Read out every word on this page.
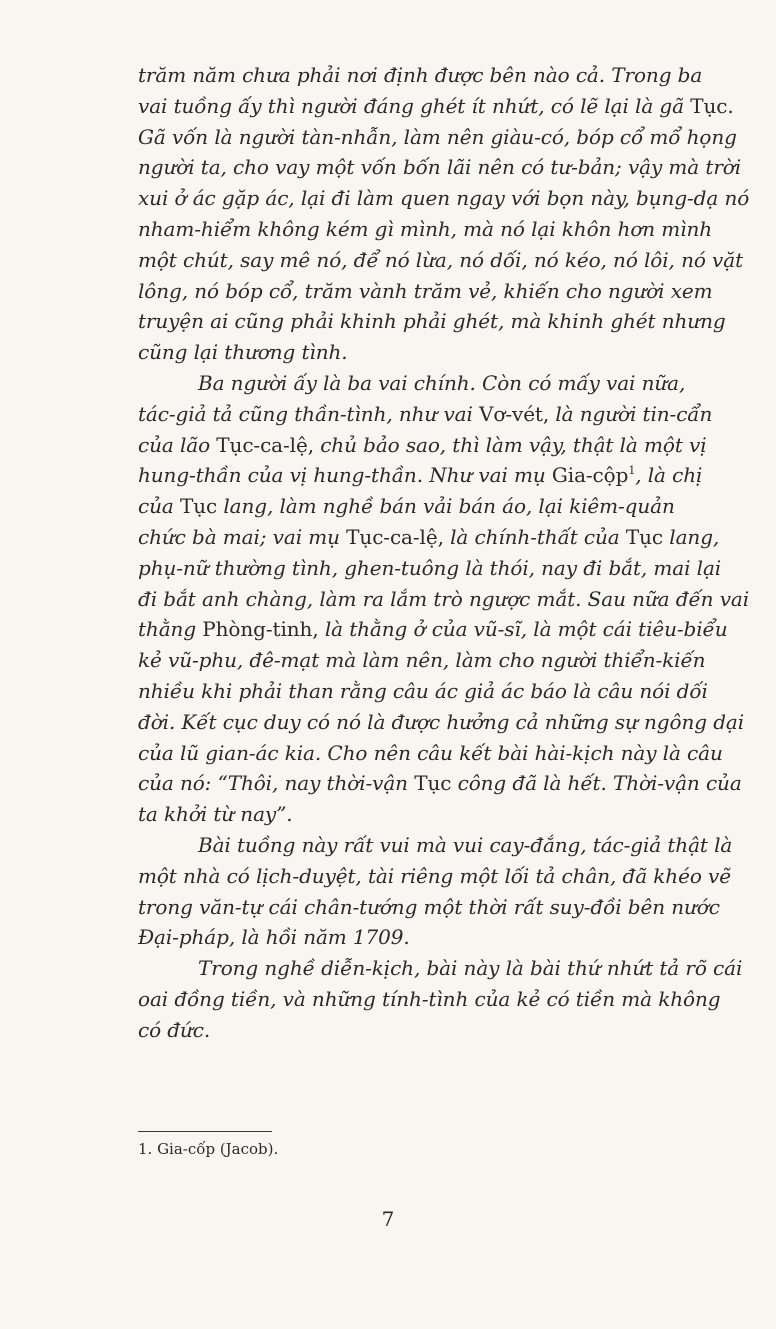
trăm năm chưa phải nơi định được bên nào cả. Trong ba
vai tuồng ấy thì người đáng ghét ít nhứt, có lẽ lại là gã Tục.
Gã vốn là người tàn-nhẫn, làm nên giàu-có, bóp cổ mổ họng
người ta, cho vay một vốn bốn lãi nên có tư-bản; vậy mà trời
xui ở ác gặp ác, lại đi làm quen ngay với bọn này, bụng-dạ nó
nham-hiểm không kém gì mình, mà nó lại khôn hơn mình
một chút, say mê nó, để nó lừa, nó dối, nó kéo, nó lôi, nó vặt
lông, nó bóp cổ, trăm vành trăm vẻ, khiến cho người xem
truyện ai cũng phải khinh phải ghét, mà khinh ghét nhưng
cũng lại thương tình.
Ba người ấy là ba vai chính. Còn có mấy vai nữa,
tác-giả tả cũng thần-tình, như vai Vơ-vét, là người tin-cẩn
của lão Tục-ca-lệ, chủ bảo sao, thì làm vậy, thật là một vị
hung-thần của vị hung-thần. Như vai mụ Gia-cộp$^1$, là chị
của Tục lang, làm nghề bán vải bán áo, lại kiêm-quản
chức bà mai; vai mụ Tục-ca-lệ, là chính-thất của Tục lang,
phụ-nữ thường tình, ghen-tuông là thói, nay đi bắt, mai lại
đi bắt anh chàng, làm ra lắm trò ngược mắt. Sau nữa đến vai
thằng Phòng-tinh, là thằng ở của vũ-sĩ, là một cái tiêu-biểu
kẻ vũ-phu, đê-mạt mà làm nên, làm cho người thiển-kiến
nhiều khi phải than rằng câu ác giả ác báo là câu nói dối
đời. Kết cục duy có nó là được hưởng cả những sự ngông dại
của lũ gian-ác kia. Cho nên câu kết bài hài-kịch này là câu
của nó: “Thôi, nay thời-vận Tục công đã là hết. Thời-vận của
ta khởi từ nay”.
Bài tuồng này rất vui mà vui cay-đắng, tác-giả thật là
một nhà có lịch-duyệt, tài riêng một lối tả chân, đã khéo vẽ
trong văn-tự cái chân-tướng một thời rất suy-đồi bên nước
Đại-pháp, là hồi năm 1709.
Trong nghề diễn-kịch, bài này là bài thứ nhứt tả rõ cái
oai đồng tiền, và những tính-tình của kẻ có tiền mà không
có đức.
1. Gia-cốp (Jacob).
7
